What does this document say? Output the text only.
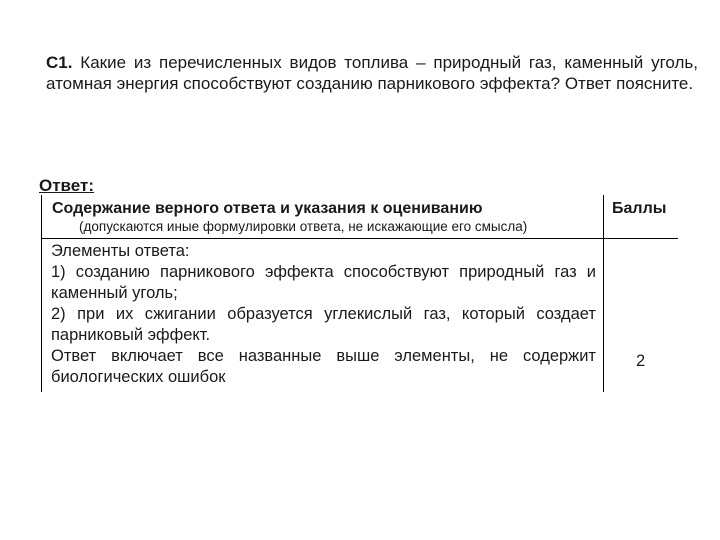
С1. Какие из перечисленных видов топлива – природный газ, каменный уголь, атомная энергия способствуют созданию парникового эффекта? Ответ поясните.

Ответ:
Содержание верного ответа и указания к оцениванию
(допускаются иные формулировки ответа, не искажающие его смысла)
Баллы

Элементы ответа:

1) созданию парникового эффекта способствуют природный газ и каменный уголь;

2) при их сжигании образуется углекислый газ, который создает парниковый эффект.

Ответ включает все названные выше элементы, не содержит биологических ошибок

2
